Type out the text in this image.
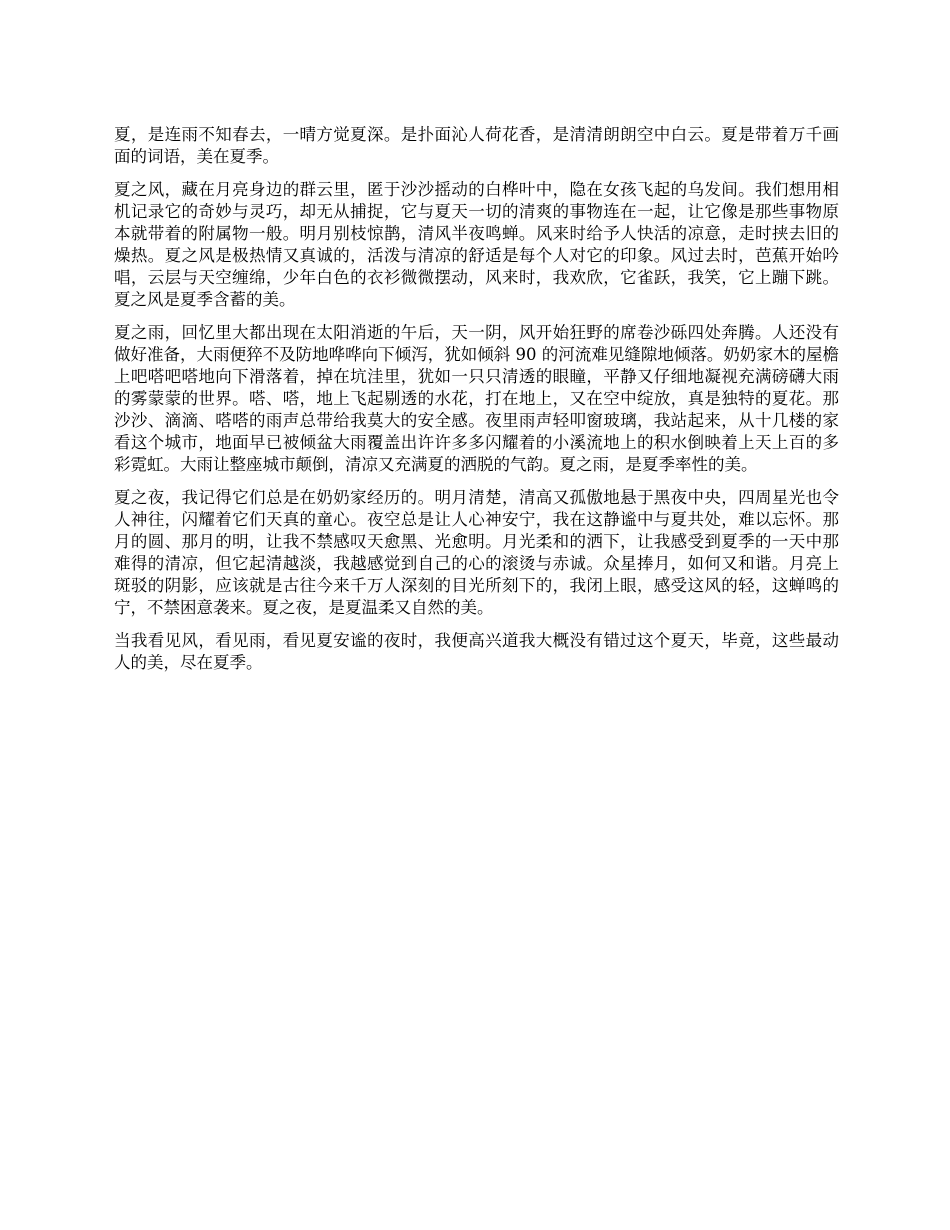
夏，是连雨不知春去，一晴方觉夏深。是扑面沁人荷花香，是清清朗朗空中白云。夏是带着万千画面的词语，美在夏季。

夏之风，藏在月亮身边的群云里，匿于沙沙摇动的白桦叶中，隐在女孩飞起的乌发间。我们想用相机记录它的奇妙与灵巧，却无从捕捉，它与夏天一切的清爽的事物连在一起，让它像是那些事物原本就带着的附属物一般。明月别枝惊鹊，清风半夜鸣蝉。风来时给予人快活的凉意，走时挟去旧的燥热。夏之风是极热情又真诚的，活泼与清凉的舒适是每个人对它的印象。风过去时，芭蕉开始吟唱，云层与天空缠绵，少年白色的衣衫微微摆动，风来时，我欢欣，它雀跃，我笑，它上蹦下跳。夏之风是夏季含蓄的美。

夏之雨，回忆里大都出现在太阳消逝的午后，天一阴，风开始狂野的席卷沙砾四处奔腾。人还没有做好准备，大雨便猝不及防地哗哗向下倾泻，犹如倾斜 90 的河流难见缝隙地倾落。奶奶家木的屋檐上吧嗒吧嗒地向下滑落着，掉在坑洼里，犹如一只只清透的眼瞳，平静又仔细地凝视充满磅礴大雨的雾蒙蒙的世界。嗒、嗒，地上飞起剔透的水花，打在地上，又在空中绽放，真是独特的夏花。那沙沙、滴滴、嗒嗒的雨声总带给我莫大的安全感。夜里雨声轻叩窗玻璃，我站起来，从十几楼的家看这个城市，地面早已被倾盆大雨覆盖出许许多多闪耀着的小溪流地上的积水倒映着上天上百的多彩霓虹。大雨让整座城市颠倒，清凉又充满夏的洒脱的气韵。夏之雨，是夏季率性的美。

夏之夜，我记得它们总是在奶奶家经历的。明月清楚，清高又孤傲地悬于黑夜中央，四周星光也令人神往，闪耀着它们天真的童心。夜空总是让人心神安宁，我在这静谧中与夏共处，难以忘怀。那月的圆、那月的明，让我不禁感叹天愈黑、光愈明。月光柔和的洒下，让我感受到夏季的一天中那难得的清凉，但它起清越淡，我越感觉到自己的心的滚烫与赤诚。众星捧月，如何又和谐。月亮上斑驳的阴影，应该就是古往今来千万人深刻的目光所刻下的，我闭上眼，感受这风的轻，这蝉鸣的宁，不禁困意袭来。夏之夜，是夏温柔又自然的美。

当我看见风，看见雨，看见夏安谧的夜时，我便高兴道我大概没有错过这个夏天，毕竟，这些最动人的美，尽在夏季。
